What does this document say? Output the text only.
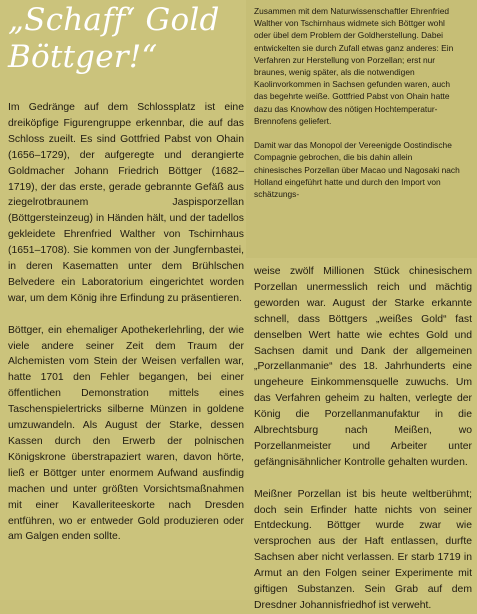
„Schaff‘ Gold
Böttger!“

Im Gedränge auf dem Schlossplatz ist eine dreiköpfige Figurengruppe erkennbar, die auf das Schloss zueilt. Es sind Gottfried Pabst von Ohain (1656–1729), der aufgeregte und derangierte Goldmacher Johann Friedrich Böttger (1682–1719), der das erste, gerade gebrannte Gefäß aus ziegelrotbraunem Jaspisporzellan (Böttgersteinzeug) in Händen hält, und der tadellos gekleidete Ehrenfried Walther von Tschirnhaus (1651–1708). Sie kommen von der Jungfernbastei, in deren Kasematten unter dem Brühlschen Belvedere ein Laboratorium eingerichtet worden war, um dem König ihre Erfindung zu präsentieren.

Böttger, ein ehemaliger Apothekerlehrling, der wie viele andere seiner Zeit dem Traum der Alchemisten vom Stein der Weisen verfallen war, hatte 1701 den Fehler begangen, bei einer öffentlichen Demonstration mittels eines Taschenspielertricks silberne Münzen in goldene umzuwandeln. Als August der Starke, dessen Kassen durch den Erwerb der polnischen Königskrone überstrapaziert waren, davon hörte, ließ er Böttger unter enormem Aufwand ausfindig machen und unter größten Vorsichtsmaßnahmen mit einer Kavalleriteeskorte nach Dresden entführen, wo er entweder Gold produzieren oder am Galgen enden sollte.

Zusammen mit dem Naturwissenschaftler Ehrenfried Walther von Tschirnhaus widmete sich Böttger wohl oder übel dem Problem der Goldherstellung. Dabei entwickelten sie durch Zufall etwas ganz anderes: Ein Verfahren zur Herstellung von Porzellan; erst nur braunes, wenig später, als die notwendigen Kaolinvorkommen in Sachsen gefunden waren, auch das begehrte weiße. Gottfried Pabst von Ohain hatte dazu das Knowhow des nötigen Hochtemperatur-Brennofens geliefert.

Damit war das Monopol der Vereenigde Oostindische Compagnie gebrochen, die bis dahin allein chinesisches Porzellan über Macao und Nagosaki nach Holland eingeführt hatte und durch den Import von schätzungs-

weise zwölf Millionen Stück chinesischem Porzellan unermesslich reich und mächtig geworden war. August der Starke erkannte schnell, dass Böttgers „weißes Gold“ fast denselben Wert hatte wie echtes Gold und Sachsen damit und Dank der allgemeinen „Porzellanmanie“ des 18. Jahrhunderts eine ungeheure Einkommensquelle zuwuchs. Um das Verfahren geheim zu halten, verlegte der König die Porzellanmanufaktur in die Albrechtsburg nach Meißen, wo Porzellanmeister und Arbeiter unter gefängnisähnlicher Kontrolle gehalten wurden.

Meißner Porzellan ist bis heute weltberühmt; doch sein Erfinder hatte nichts von seiner Entdeckung. Böttger wurde zwar wie versprochen aus der Haft entlassen, durfte Sachsen aber nicht verlassen. Er starb 1719 in Armut an den Folgen seiner Experimente mit giftigen Substanzen. Sein Grab auf dem Dresdner Johannisfriedhof ist verweht.
